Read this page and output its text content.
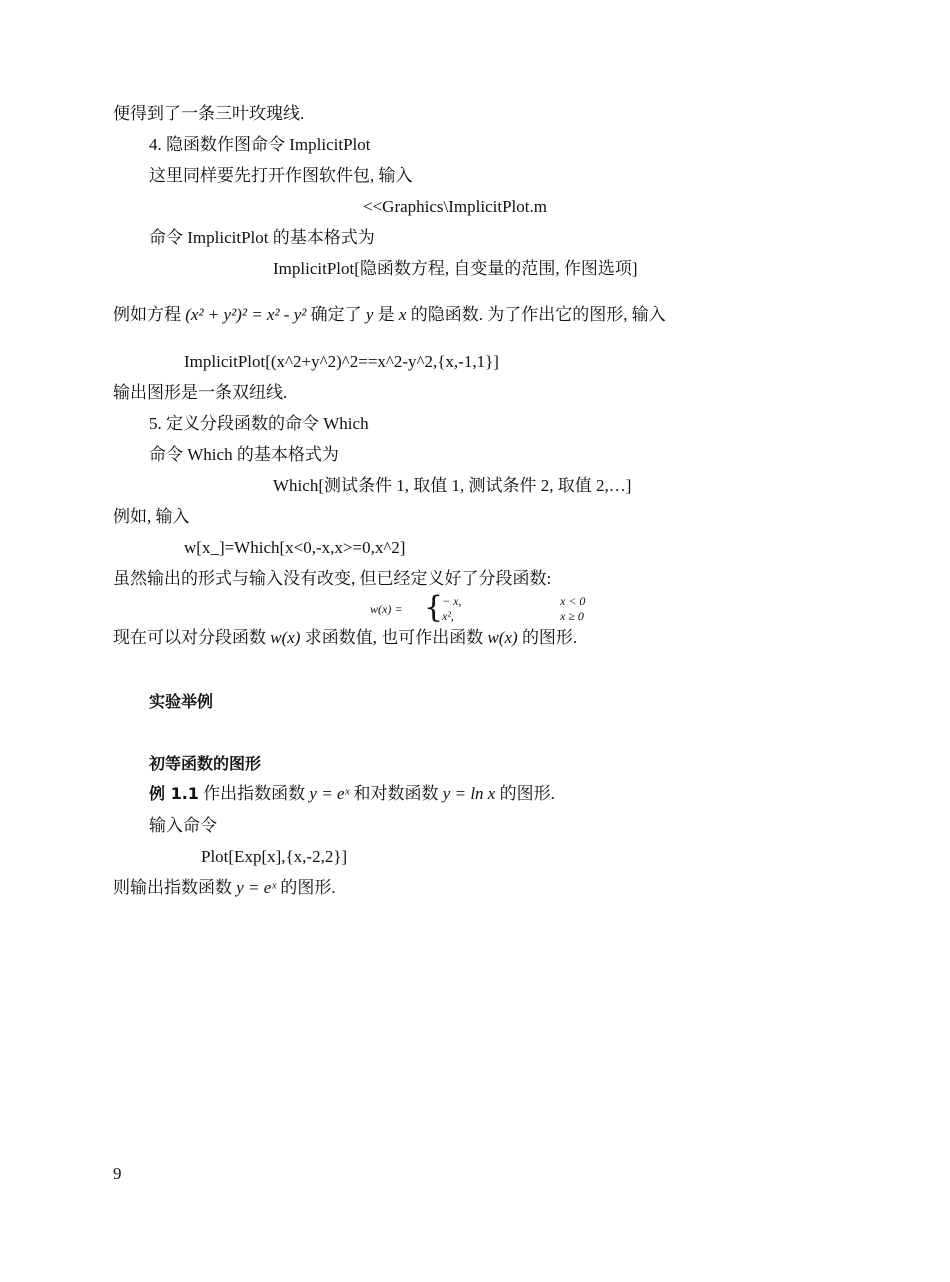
便得到了一条三叶玫瑰线.
4. 隐函数作图命令 ImplicitPlot
这里同样要先打开作图软件包, 输入
<<Graphics\ImplicitPlot.m
命令 ImplicitPlot 的基本格式为
ImplicitPlot[隐函数方程, 自变量的范围, 作图选项]
例如方程 (x² + y²)² = x² - y² 确定了 y 是 x 的隐函数. 为了作出它的图形, 输入
ImplicitPlot[(x^2+y^2)^2==x^2-y^2,{x,-1,1}]
输出图形是一条双纽线.
5. 定义分段函数的命令 Which
命令 Which 的基本格式为
Which[测试条件 1, 取值 1, 测试条件 2, 取值 2,…]
例如, 输入
w[x_]=Which[x<0,-x,x>=0,x^2]
虽然输出的形式与输入没有改变, 但已经定义好了分段函数:
w(x) = {
− x,	x < 0
x²,	x ≥ 0
现在可以对分段函数 w(x) 求函数值, 也可作出函数 w(x) 的图形.
实验举例
初等函数的图形
例 1.1 作出指数函数 y = eˣ 和对数函数 y = ln x 的图形.
输入命令
Plot[Exp[x],{x,-2,2}]
则输出指数函数 y = eˣ 的图形.
9
